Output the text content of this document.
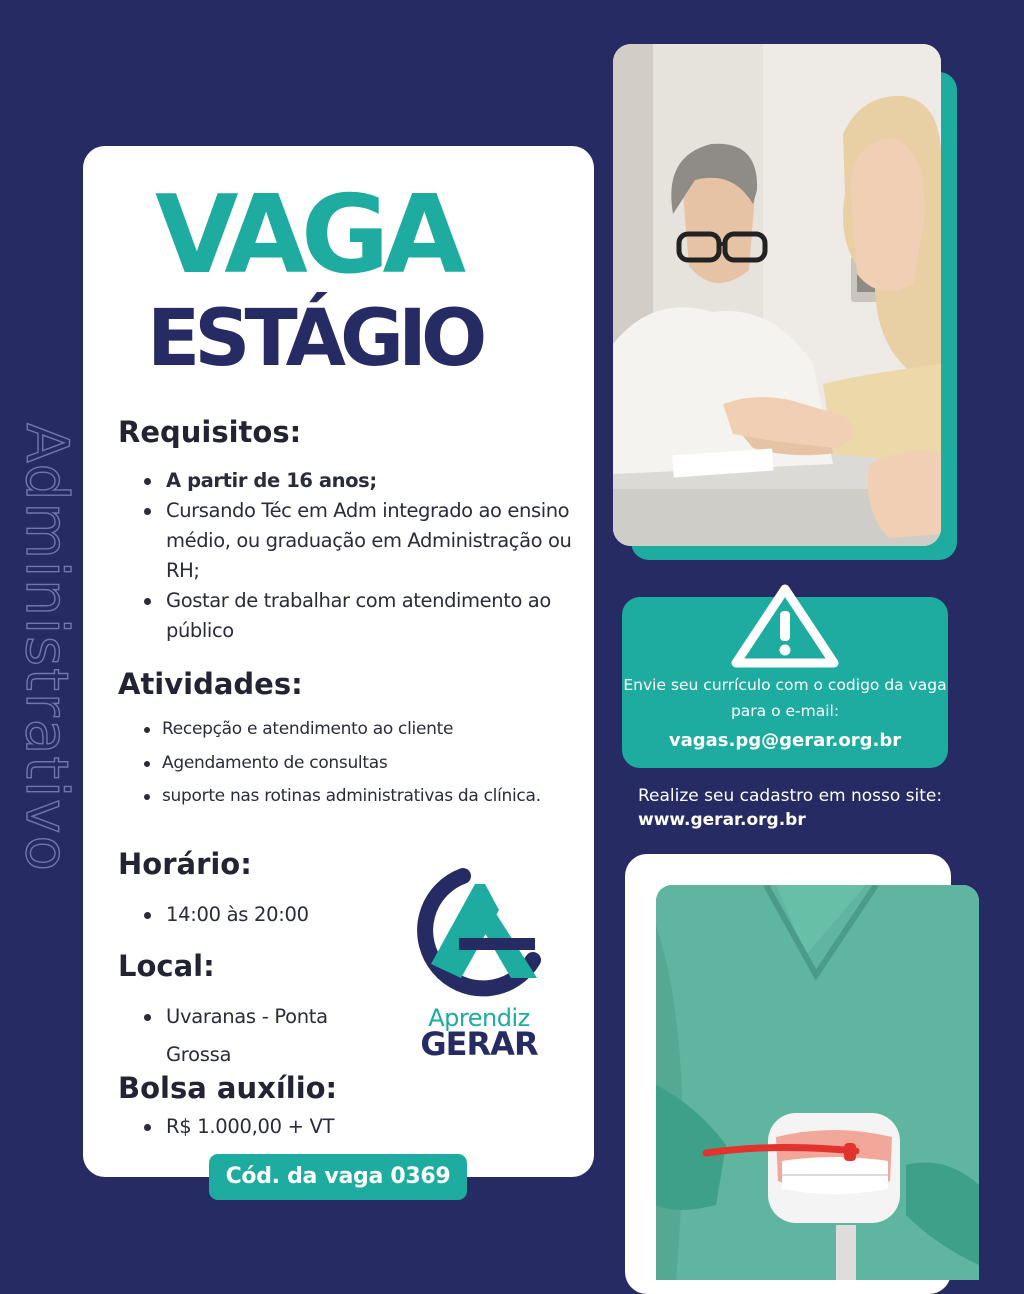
Administrativo
VAGA
ESTÁGIO
Requisitos:
A partir de 16 anos;
Cursando Téc em Adm integrado ao ensino médio, ou graduação em Administração ou RH;
Gostar de trabalhar com atendimento ao público
Atividades:
Recepção e atendimento ao cliente
Agendamento de consultas
suporte nas rotinas administrativas da clínica.
Horário:
14:00 às 20:00
Local:
Uvaranas - Ponta Grossa
Bolsa auxílio:
R$ 1.000,00 + VT
Aprendiz
GERAR
Cód. da vaga 0369
Envie seu currículo com o codigo da vaga para o e-mail:
vagas.pg@gerar.org.br
Realize seu cadastro em nosso site: www.gerar.org.br
